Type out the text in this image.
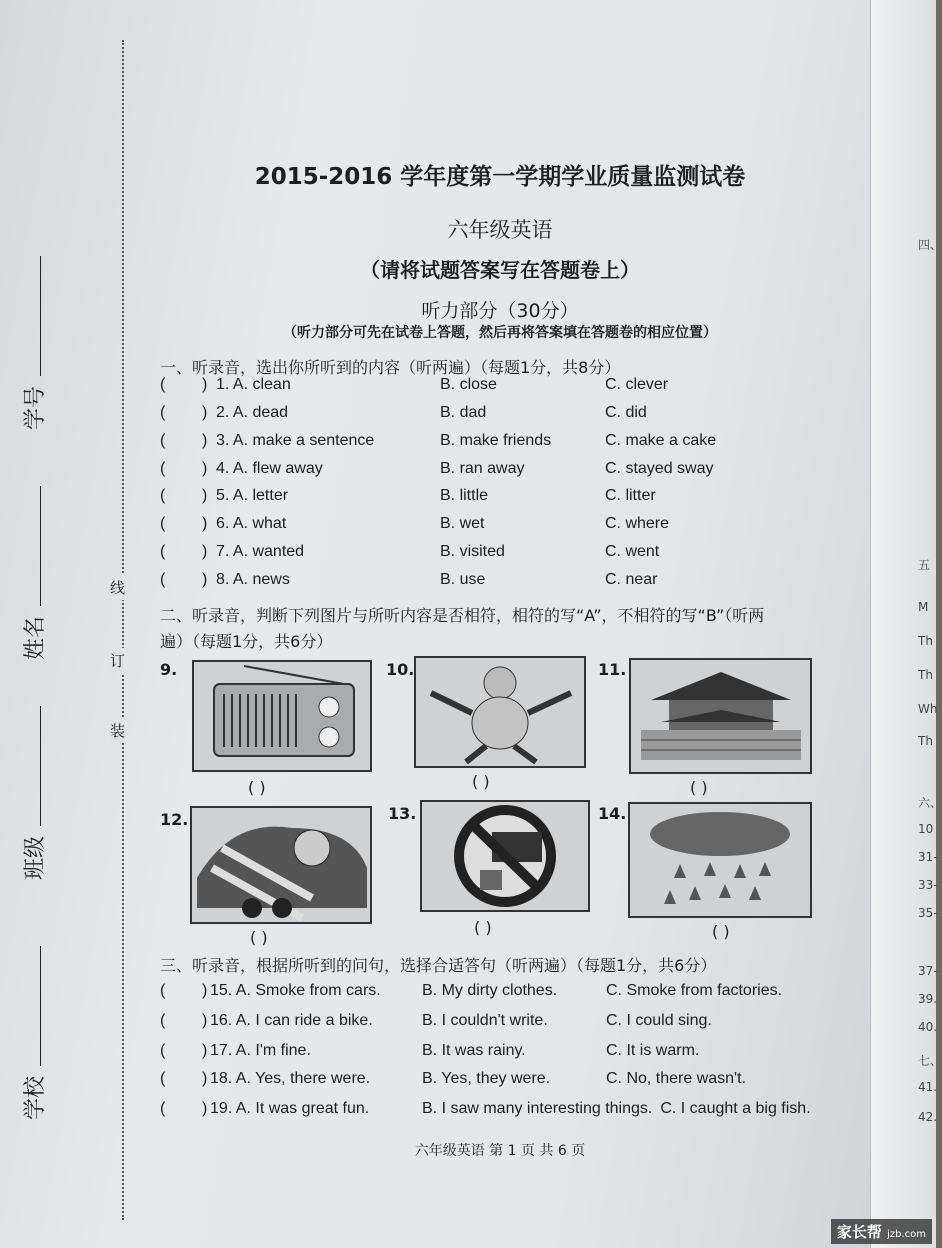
线
订
装
学校
班级
姓名
学号
2015-2016 学年度第一学期学业质量监测试卷
六年级英语
（请将试题答案写在答题卷上）
听力部分（30分）
（听力部分可先在试卷上答题，然后再将答案填在答题卷的相应位置）
一、听录音，选出你所听到的内容（听两遍）（每题1分，共8分）
(	) 1. A. clean	B. close	C. clever
(	) 2. A. dead	B. dad	C. did
(	) 3. A. make a sentence	B. make friends	C. make a cake
(	) 4. A. flew away	B. ran away	C. stayed sway
(	) 5. A. letter	B. little	C. litter
(	) 6. A. what	B. wet	C. where
(	) 7. A. wanted	B. visited	C. went
(	) 8. A. news	B. use	C. near
二、听录音，判断下列图片与所听内容是否相符，相符的写“A”，不相符的写“B”（听两
遍）（每题1分，共6分）
9.
( )
10.
( )
11.
( )
12.
( )
13.
( )
14.
( )
三、听录音，根据所听到的问句，选择合适答句（听两遍）（每题1分，共6分）
(	) 15. A. Smoke from cars.	B. My dirty clothes.	C. Smoke from factories.
(	) 16. A. I can ride a bike.	B. I couldn't write.	C. I could sing.
(	) 17. A. I'm fine.	B. It was rainy.	C. It is warm.
(	) 18. A. Yes, there were.	B. Yes, they were.	C. No, there wasn't.
(	) 19. A. It was great fun.	B. I saw many interesting things. C. I caught a big fish.
六年级英语 第 1 页 共 6 页
四、
五
M
Th
Th
Wh
Th
六、
10
31-
33-
35-
37-
39.
40.
七、
41.
42.
家长帮 jzb.com
